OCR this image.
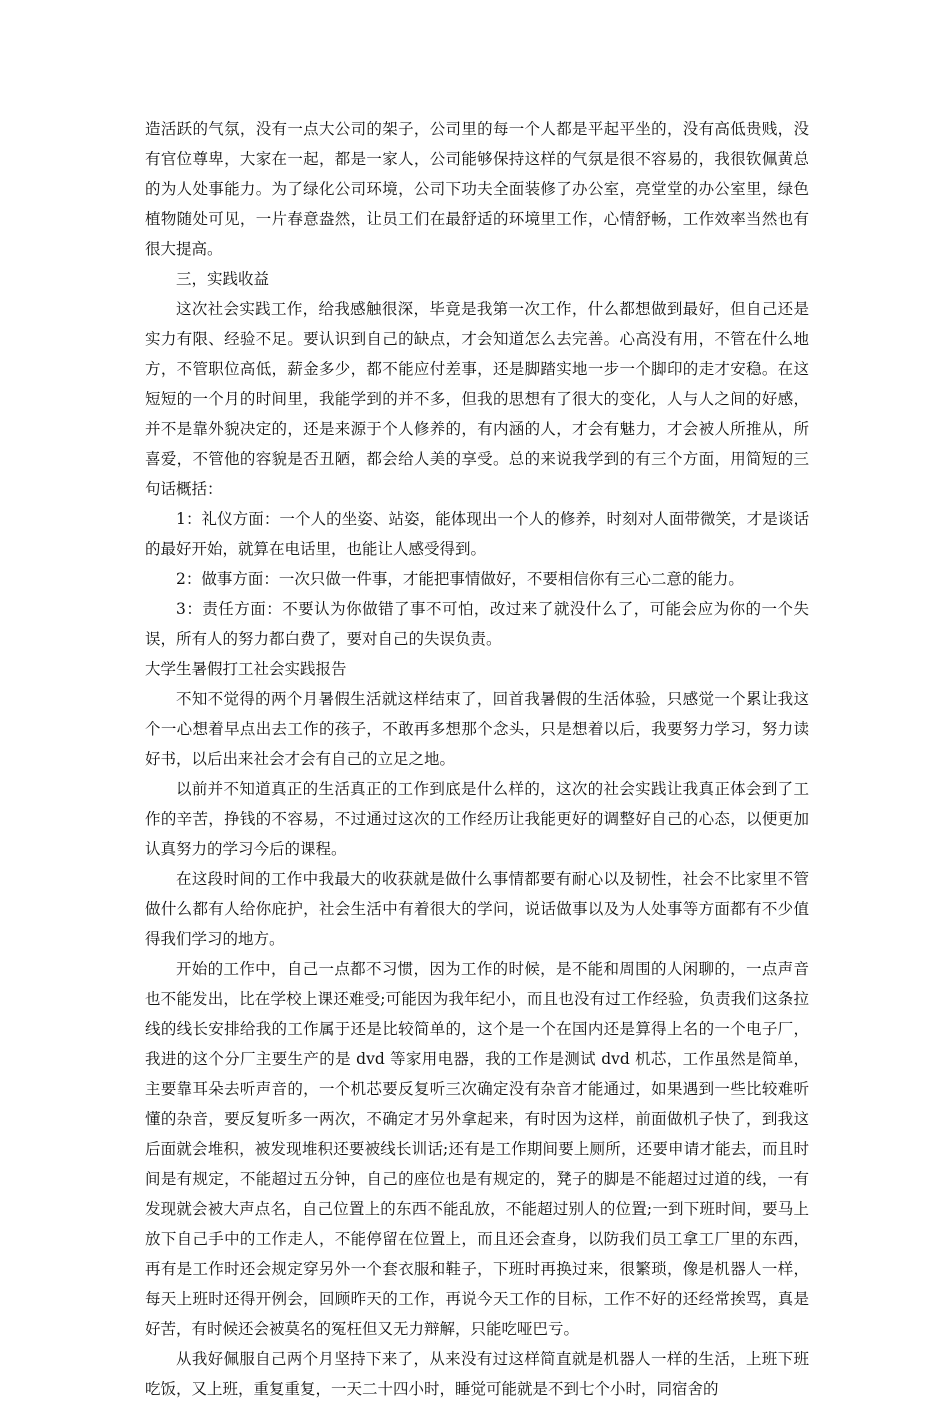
造活跃的气氛，没有一点大公司的架子，公司里的每一个人都是平起平坐的，没有高低贵贱，没有官位尊卑，大家在一起，都是一家人，公司能够保持这样的气氛是很不容易的，我很钦佩黄总的为人处事能力。为了绿化公司环境，公司下功夫全面装修了办公室，亮堂堂的办公室里，绿色植物随处可见，一片春意盎然，让员工们在最舒适的环境里工作，心情舒畅，工作效率当然也有很大提高。

三，实践收益

这次社会实践工作，给我感触很深，毕竟是我第一次工作，什么都想做到最好，但自己还是实力有限、经验不足。要认识到自己的缺点，才会知道怎么去完善。心高没有用，不管在什么地方，不管职位高低，薪金多少，都不能应付差事，还是脚踏实地一步一个脚印的走才安稳。在这短短的一个月的时间里，我能学到的并不多，但我的思想有了很大的变化，人与人之间的好感，并不是靠外貌决定的，还是来源于个人修养的，有内涵的人，才会有魅力，才会被人所推从，所喜爱，不管他的容貌是否丑陋，都会给人美的享受。总的来说我学到的有三个方面，用简短的三句话概括：

1：礼仪方面：一个人的坐姿、站姿，能体现出一个人的修养，时刻对人面带微笑，才是谈话的最好开始，就算在电话里，也能让人感受得到。

2：做事方面：一次只做一件事，才能把事情做好，不要相信你有三心二意的能力。

3：责任方面：不要认为你做错了事不可怕，改过来了就没什么了，可能会应为你的一个失误，所有人的努力都白费了，要对自己的失误负责。

大学生暑假打工社会实践报告

不知不觉得的两个月暑假生活就这样结束了，回首我暑假的生活体验，只感觉一个累让我这个一心想着早点出去工作的孩子，不敢再多想那个念头，只是想着以后，我要努力学习，努力读好书，以后出来社会才会有自己的立足之地。

以前并不知道真正的生活真正的工作到底是什么样的，这次的社会实践让我真正体会到了工作的辛苦，挣钱的不容易，不过通过这次的工作经历让我能更好的调整好自己的心态，以便更加认真努力的学习今后的课程。

在这段时间的工作中我最大的收获就是做什么事情都要有耐心以及韧性，社会不比家里不管做什么都有人给你庇护，社会生活中有着很大的学问，说话做事以及为人处事等方面都有不少值得我们学习的地方。

开始的工作中，自己一点都不习惯，因为工作的时候，是不能和周围的人闲聊的，一点声音也不能发出，比在学校上课还难受;可能因为我年纪小，而且也没有过工作经验，负责我们这条拉线的线长安排给我的工作属于还是比较简单的，这个是一个在国内还是算得上名的一个电子厂，我进的这个分厂主要生产的是 dvd 等家用电器，我的工作是测试 dvd 机芯，工作虽然是简单，主要靠耳朵去听声音的，一个机芯要反复听三次确定没有杂音才能通过，如果遇到一些比较难听懂的杂音，要反复听多一两次，不确定才另外拿起来，有时因为这样，前面做机子快了，到我这后面就会堆积，被发现堆积还要被线长训话;还有是工作期间要上厕所，还要申请才能去，而且时间是有规定，不能超过五分钟，自己的座位也是有规定的，凳子的脚是不能超过过道的线，一有发现就会被大声点名，自己位置上的东西不能乱放，不能超过别人的位置;一到下班时间，要马上放下自己手中的工作走人，不能停留在位置上，而且还会查身，以防我们员工拿工厂里的东西，再有是工作时还会规定穿另外一个套衣服和鞋子，下班时再换过来，很繁琐，像是机器人一样，每天上班时还得开例会，回顾昨天的工作，再说今天工作的目标，工作不好的还经常挨骂，真是好苦，有时候还会被莫名的冤枉但又无力辩解，只能吃哑巴亏。

从我好佩服自己两个月坚持下来了，从来没有过这样简直就是机器人一样的生活，上班下班吃饭，又上班，重复重复，一天二十四小时，睡觉可能就是不到七个小时，同宿舍的
